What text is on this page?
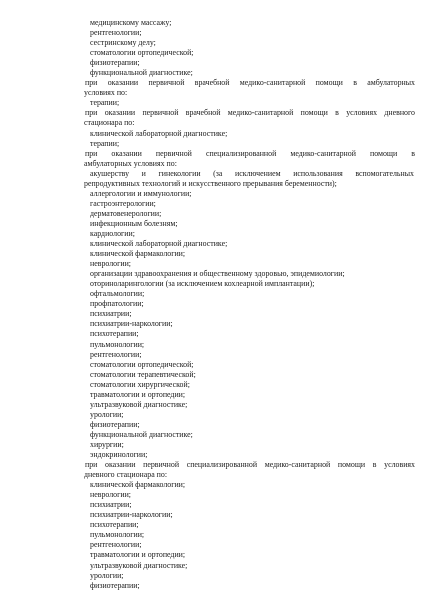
медицинскому массажу;
рентгенологии;
сестринскому делу;
стоматологии ортопедической;
физиотерапии;
функциональной диагностике;
при оказании первичной врачебной медико-санитарной помощи в амбулаторных
условиях по:
терапии;
при оказании первичной врачебной медико-санитарной помощи в условиях дневного
стационара по:
клинической лабораторной диагностике;
терапии;
при оказании первичной специализированной медико-санитарной помощи в
амбулаторных условиях по:
акушерству и гинекологии (за исключением использования вспомогательных
репродуктивных технологий и искусственного прерывания беременности);
аллергологии и иммунологии;
гастроэнтерологии;
дерматовенерологии;
инфекционным болезням;
кардиологии;
клинической лабораторной диагностике;
клинической фармакологии;
неврологии;
организации здравоохранения и общественному здоровью, эпидемиологии;
оториноларингологии (за исключением кохлеарной имплантации);
офтальмологии;
профпатологии;
психиатрии;
психиатрии-наркологии;
психотерапии;
пульмонологии;
рентгенологии;
стоматологии ортопедической;
стоматологии терапевтической;
стоматологии хирургической;
травматологии и ортопедии;
ультразвуковой диагностике;
урологии;
физиотерапии;
функциональной диагностике;
хирургии;
эндокринологии;
при оказании первичной специализированной медико-санитарной помощи в условиях
дневного стационара по:
клинической фармакологии;
неврологии;
психиатрии;
психиатрии-наркологии;
психотерапии;
пульмонологии;
рентгенологии;
травматологии и ортопедии;
ультразвуковой диагностике;
урологии;
физиотерапии;
